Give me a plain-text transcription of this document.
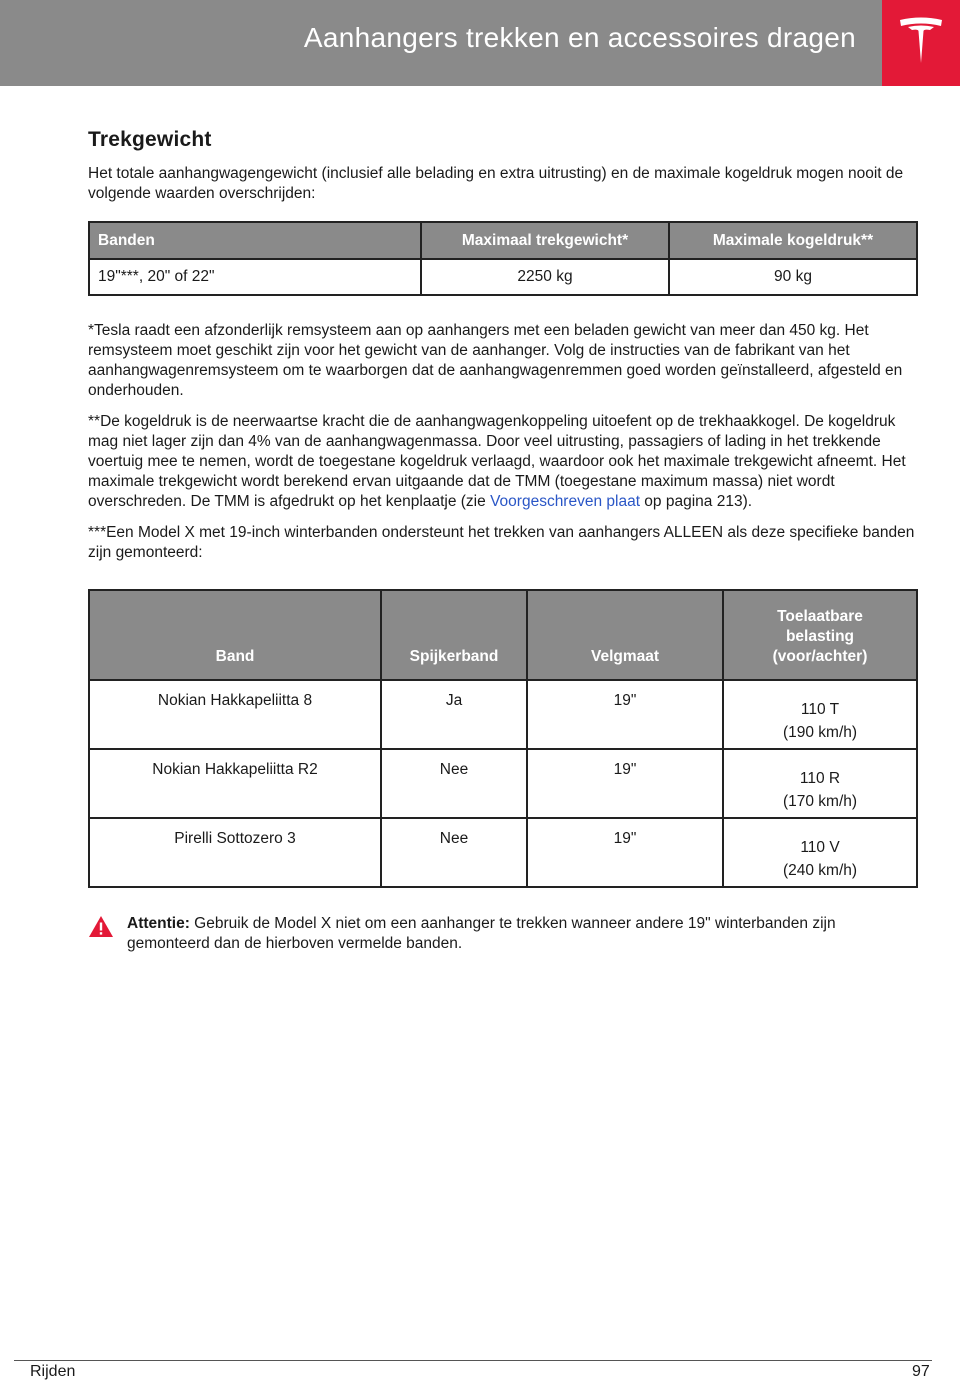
Aanhangers trekken en accessoires dragen
Trekgewicht

Het totale aanhangwagengewicht (inclusief alle belading en extra uitrusting) en de maximale kogeldruk mogen nooit de volgende waarden overschrijden:

Banden	Maximaal trekgewicht*	Maximale kogeldruk**
19"***, 20" of 22"	2250 kg	90 kg

*Tesla raadt een afzonderlijk remsysteem aan op aanhangers met een beladen gewicht van meer dan 450 kg. Het remsysteem moet geschikt zijn voor het gewicht van de aanhanger. Volg de instructies van de fabrikant van het aanhangwagenremsysteem om te waarborgen dat de aanhangwagenremmen goed worden geïnstalleerd, afgesteld en onderhouden.

**De kogeldruk is de neerwaartse kracht die de aanhangwagenkoppeling uitoefent op de trekhaakkogel. De kogeldruk mag niet lager zijn dan 4% van de aanhangwagenmassa. Door veel uitrusting, passagiers of lading in het trekkende voertuig mee te nemen, wordt de toegestane kogeldruk verlaagd, waardoor ook het maximale trekgewicht afneemt. Het maximale trekgewicht wordt berekend ervan uitgaande dat de TMM (toegestane maximum massa) niet wordt overschreden. De TMM is afgedrukt op het kenplaatje (zie Voorgeschreven plaat op pagina 213).

***Een Model X met 19-inch winterbanden ondersteunt het trekken van aanhangers ALLEEN als deze specifieke banden zijn gemonteerd:

Band	Spijkerband	Velgmaat	Toelaatbare
belasting
(voor/achter)
Nokian Hakkapeliitta 8	Ja	19"	110 T
(190 km/h)
Nokian Hakkapeliitta R2	Nee	19"	110 R
(170 km/h)
Pirelli Sottozero 3	Nee	19"	110 V
(240 km/h)

Attentie: Gebruik de Model X niet om een aanhanger te trekken wanneer andere 19" winterbanden zijn gemonteerd dan de hierboven vermelde banden.

Rijden	97
